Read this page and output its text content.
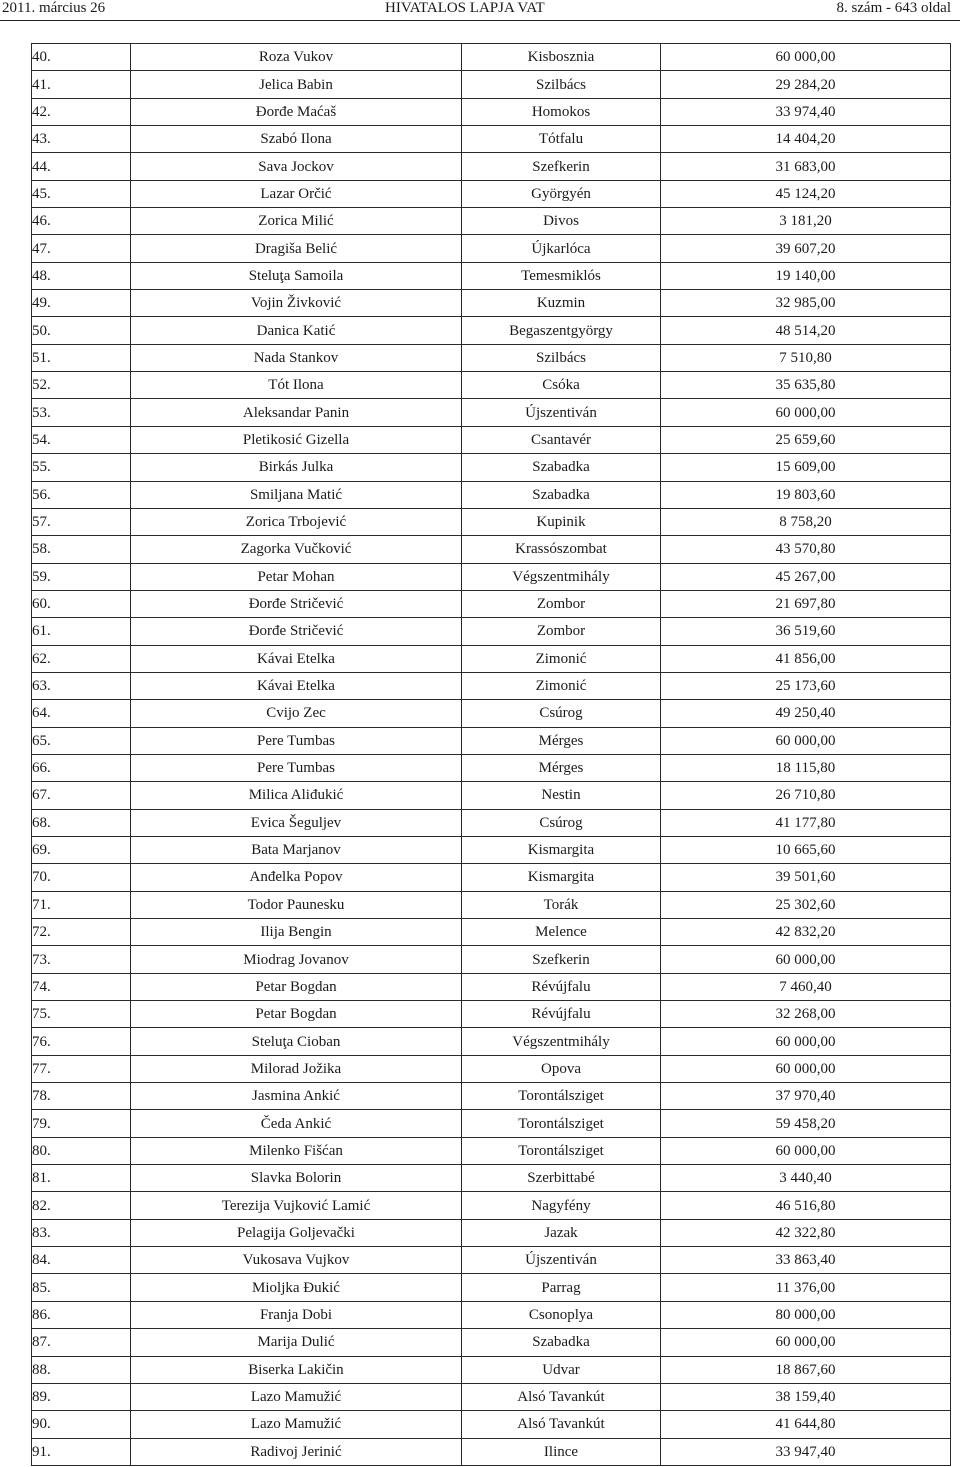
2011. március 26	HIVATALOS LAPJA VAT	8. szám - 643 oldal
40.	Roza Vukov	Kisbosznia	60 000,00
41.	Jelica Babin	Szilbács	29 284,20
42.	Đorđe Maćaš	Homokos	33 974,40
43.	Szabó Ilona	Tótfalu	14 404,20
44.	Sava Jockov	Szefkerin	31 683,00
45.	Lazar Orčić	Györgyén	45 124,20
46.	Zorica Milić	Divos	3 181,20
47.	Dragiša Belić	Újkarlóca	39 607,20
48.	Steluţa Samoila	Temesmiklós	19 140,00
49.	Vojin Živković	Kuzmin	32 985,00
50.	Danica Katić	Begaszentgyörgy	48 514,20
51.	Nada Stankov	Szilbács	7 510,80
52.	Tót Ilona	Csóka	35 635,80
53.	Aleksandar Panin	Újszentiván	60 000,00
54.	Pletikosić Gizella	Csantavér	25 659,60
55.	Birkás Julka	Szabadka	15 609,00
56.	Smiljana Matić	Szabadka	19 803,60
57.	Zorica Trbojević	Kupinik	8 758,20
58.	Zagorka Vučković	Krassószombat	43 570,80
59.	Petar Mohan	Végszentmihály	45 267,00
60.	Đorđe Stričević	Zombor	21 697,80
61.	Đorđe Stričević	Zombor	36 519,60
62.	Kávai Etelka	Zimonić	41 856,00
63.	Kávai Etelka	Zimonić	25 173,60
64.	Cvijo Zec	Csúrog	49 250,40
65.	Pere Tumbas	Mérges	60 000,00
66.	Pere Tumbas	Mérges	18 115,80
67.	Milica Aliđukić	Nestin	26 710,80
68.	Evica Šeguljev	Csúrog	41 177,80
69.	Bata Marjanov	Kismargita	10 665,60
70.	Anđelka Popov	Kismargita	39 501,60
71.	Todor Paunesku	Torák	25 302,60
72.	Ilija Bengin	Melence	42 832,20
73.	Miodrag Jovanov	Szefkerin	60 000,00
74.	Petar Bogdan	Révújfalu	7 460,40
75.	Petar Bogdan	Révújfalu	32 268,00
76.	Steluţa Cioban	Végszentmihály	60 000,00
77.	Milorad Jožika	Opova	60 000,00
78.	Jasmina Ankić	Torontálsziget	37 970,40
79.	Čeda Ankić	Torontálsziget	59 458,20
80.	Milenko Fišćan	Torontálsziget	60 000,00
81.	Slavka Bolorin	Szerbittabé	3 440,40
82.	Terezija Vujković Lamić	Nagyfény	46 516,80
83.	Pelagija Goljevački	Jazak	42 322,80
84.	Vukosava Vujkov	Újszentiván	33 863,40
85.	Mioljka Đukić	Parrag	11 376,00
86.	Franja Dobi	Csonoplya	80 000,00
87.	Marija Dulić	Szabadka	60 000,00
88.	Biserka Lakičin	Udvar	18 867,60
89.	Lazo Mamužić	Alsó Tavankút	38 159,40
90.	Lazo Mamužić	Alsó Tavankút	41 644,80
91.	Radivoj Jerinić	Ilince	33 947,40
